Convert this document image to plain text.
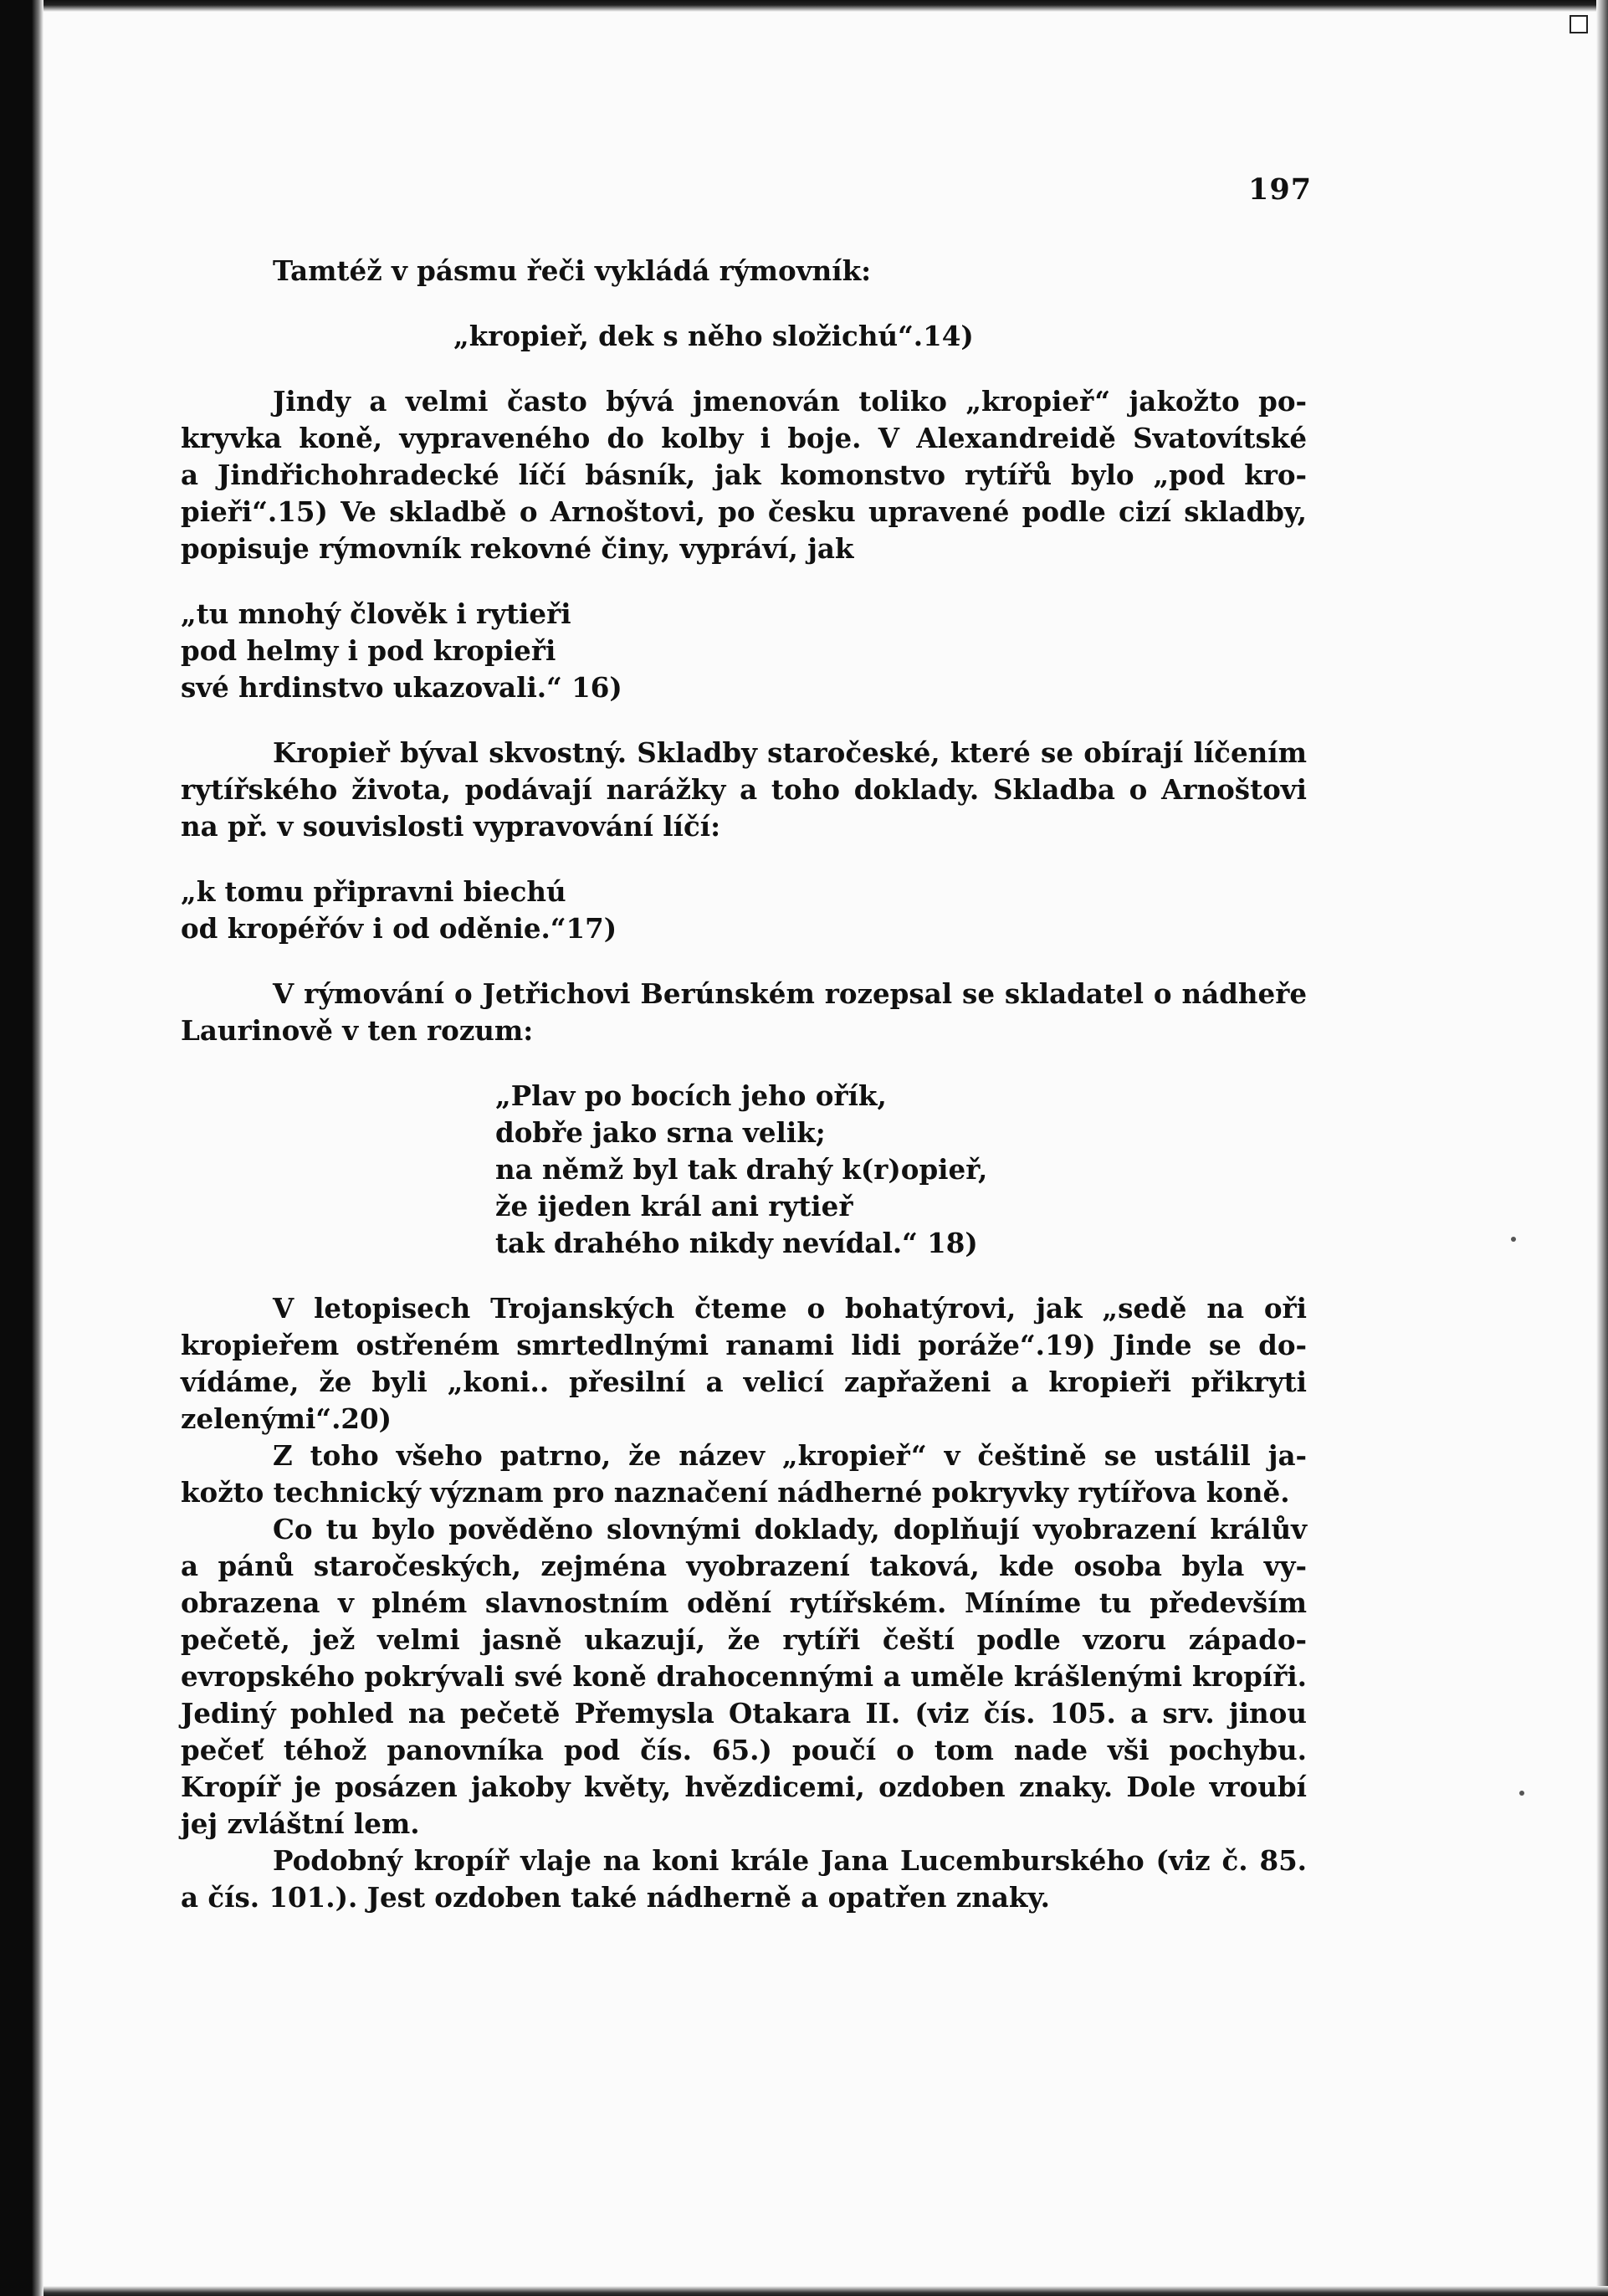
197

Tamtéž v pásmu řeči vykládá rýmovník:

„kropieř, dek s něho složichú“.14)

Jindy a velmi často bývá jmenován toliko „kropieř“ jakožto po-

kryvka koně, vypraveného do kolby i boje. V Alexandreidě Svatovítské

a Jindřichohradecké líčí básník, jak komonstvo rytířů bylo „pod kro-

pieři“.15) Ve skladbě o Arnoštovi, po česku upravené podle cizí skladby,

popisuje rýmovník rekovné činy, vypráví, jak

„tu mnohý člověk i rytieři

pod helmy i pod kropieři

své hrdinstvo ukazovali.“ 16)

Kropieř býval skvostný. Skladby staročeské, které se obírají líčením

rytířského života, podávají narážky a toho doklady. Skladba o Arnoštovi

na př. v souvislosti vypravování líčí:

„k tomu připravni biechú

od kropéřóv i od oděnie.“17)

V rýmování o Jetřichovi Berúnském rozepsal se skladatel o nádheře

Laurinově v ten rozum:

„Plav po bocích jeho ořík,

dobře jako srna velik;

na němž byl tak drahý k(r)opieř,

že ijeden král ani rytieř

tak drahého nikdy nevídal.“ 18)

V letopisech Trojanských čteme o bohatýrovi, jak „sedě na oři

kropieřem ostřeném smrtedlnými ranami lidi poráže“.19) Jinde se do-

vídáme, že byli „koni.. přesilní a velicí zapřaženi a kropieři přikryti

zelenými“.20)

Z toho všeho patrno, že název „kropieř“ v češtině se ustálil ja-

kožto technický význam pro naznačení nádherné pokryvky rytířova koně.

Co tu bylo pověděno slovnými doklady, doplňují vyobrazení králův

a pánů staročeských, zejména vyobrazení taková, kde osoba byla vy-

obrazena v plném slavnostním odění rytířském. Míníme tu především

pečetě, jež velmi jasně ukazují, že rytíři čeští podle vzoru západo-

evropského pokrývali své koně drahocennými a uměle krášlenými kropíři.

Jediný pohled na pečetě Přemysla Otakara II. (viz čís. 105. a srv. jinou

pečeť téhož panovníka pod čís. 65.) poučí o tom nade vši pochybu.

Kropíř je posázen jakoby květy, hvězdicemi, ozdoben znaky. Dole vroubí

jej zvláštní lem.

Podobný kropíř vlaje na koni krále Jana Lucemburského (viz č. 85.

a čís. 101.). Jest ozdoben také nádherně a opatřen znaky.
